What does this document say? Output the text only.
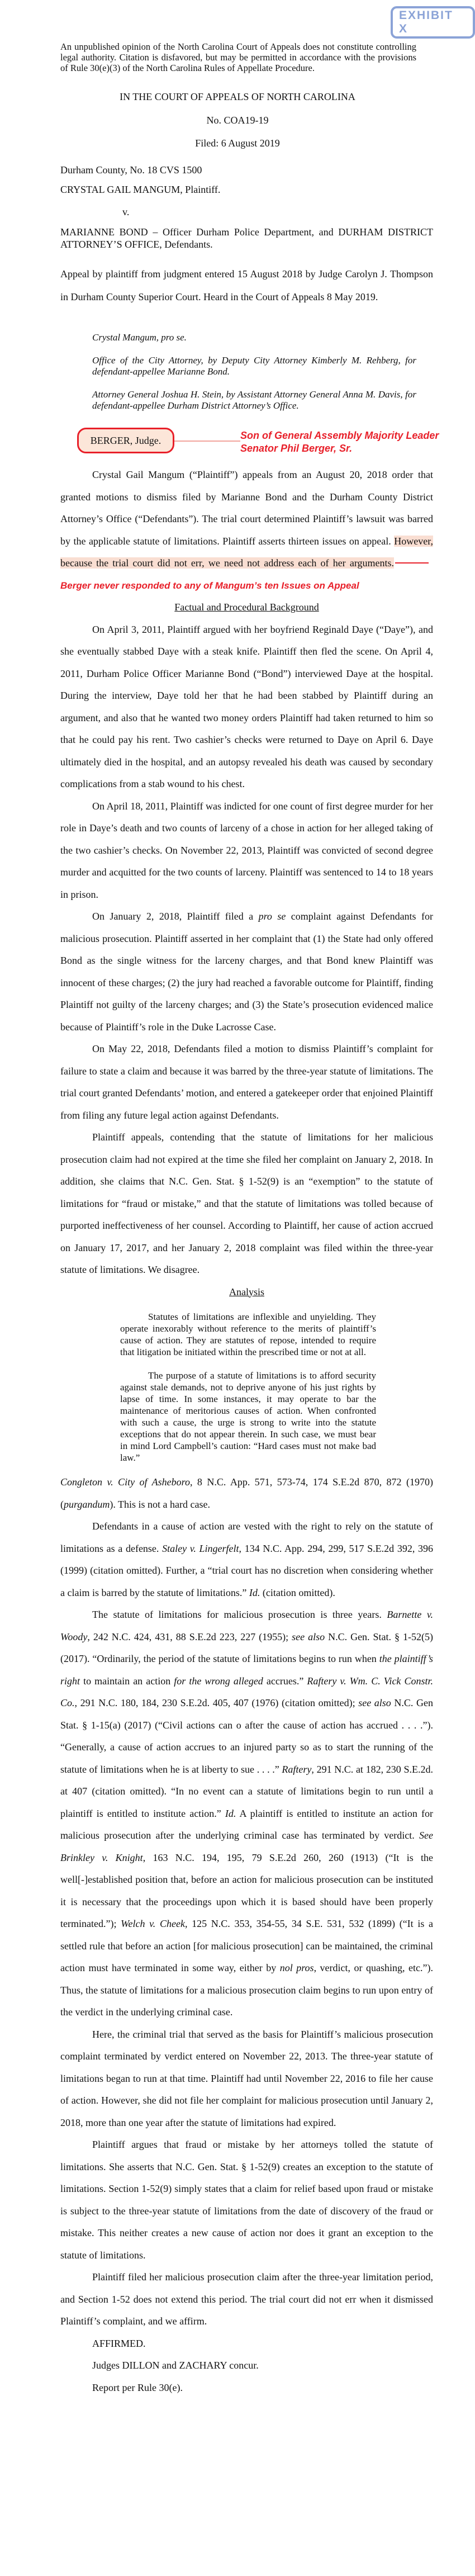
EXHIBIT X
An unpublished opinion of the North Carolina Court of Appeals does not constitute controlling legal authority. Citation is disfavored, but may be permitted in accordance with the provisions of Rule 30(e)(3) of the North Carolina Rules of Appellate Procedure.
IN THE COURT OF APPEALS OF NORTH CAROLINA
No. COA19-19
Filed: 6 August 2019
Durham County, No. 18 CVS 1500
CRYSTAL GAIL MANGUM, Plaintiff.
v.
MARIANNE BOND – Officer Durham Police Department, and DURHAM DISTRICT ATTORNEY’S OFFICE, Defendants.
Appeal by plaintiff from judgment entered 15 August 2018 by Judge Carolyn J. Thompson in Durham County Superior Court. Heard in the Court of Appeals 8 May 2019.

Crystal Mangum, pro se.

Office of the City Attorney, by Deputy City Attorney Kimberly M. Rehberg, for defendant-appellee Marianne Bond.

Attorney General Joshua H. Stein, by Assistant Attorney General Anna M. Davis, for defendant-appellee Durham District Attorney’s Office.

BERGER, Judge.	Son of General Assembly Majority Leader
Senator Phil Berger, Sr.
Crystal Gail Mangum (“Plaintiff”) appeals from an August 20, 2018 order that granted motions to dismiss filed by Marianne Bond and the Durham County District Attorney’s Office (“Defendants”). The trial court determined Plaintiff’s lawsuit was barred by the applicable statute of limitations. Plaintiff asserts thirteen issues on appeal. However, because the trial court did not err, we need not address each of her arguments.Berger never responded to any of Mangum’s ten Issues on Appeal
Factual and Procedural Background
On April 3, 2011, Plaintiff argued with her boyfriend Reginald Daye (“Daye”), and she eventually stabbed Daye with a steak knife. Plaintiff then fled the scene. On April 4, 2011, Durham Police Officer Marianne Bond (“Bond”) interviewed Daye at the hospital. During the interview, Daye told her that he had been stabbed by Plaintiff during an argument, and also that he wanted two money orders Plaintiff had taken returned to him so that he could pay his rent. Two cashier’s checks were returned to Daye on April 6. Daye ultimately died in the hospital, and an autopsy revealed his death was caused by secondary complications from a stab wound to his chest.
On April 18, 2011, Plaintiff was indicted for one count of first degree murder for her role in Daye’s death and two counts of larceny of a chose in action for her alleged taking of the two cashier’s checks. On November 22, 2013, Plaintiff was convicted of second degree murder and acquitted for the two counts of larceny. Plaintiff was sentenced to 14 to 18 years in prison.
On January 2, 2018, Plaintiff filed a pro se complaint against Defendants for malicious prosecution. Plaintiff asserted in her complaint that (1) the State had only offered Bond as the single witness for the larceny charges, and that Bond knew Plaintiff was innocent of these charges; (2) the jury had reached a favorable outcome for Plaintiff, finding Plaintiff not guilty of the larceny charges; and (3) the State’s prosecution evidenced malice because of Plaintiff’s role in the Duke Lacrosse Case.
On May 22, 2018, Defendants filed a motion to dismiss Plaintiff’s complaint for failure to state a claim and because it was barred by the three-year statute of limitations. The trial court granted Defendants’ motion, and entered a gatekeeper order that enjoined Plaintiff from filing any future legal action against Defendants.
Plaintiff appeals, contending that the statute of limitations for her malicious prosecution claim had not expired at the time she filed her complaint on January 2, 2018. In addition, she claims that N.C. Gen. Stat. § 1-52(9) is an “exemption” to the statute of limitations for “fraud or mistake,” and that the statute of limitations was tolled because of purported ineffectiveness of her counsel. According to Plaintiff, her cause of action accrued on January 17, 2017, and her January 2, 2018 complaint was filed within the three-year statute of limitations. We disagree.
Analysis
Statutes of limitations are inflexible and unyielding. They operate inexorably without reference to the merits of plaintiff’s cause of action. They are statutes of repose, intended to require that litigation be initiated within the prescribed time or not at all.
The purpose of a statute of limitations is to afford security against stale demands, not to deprive anyone of his just rights by lapse of time. In some instances, it may operate to bar the maintenance of meritorious causes of action. When confronted with such a cause, the urge is strong to write into the statute exceptions that do not appear therein. In such case, we must bear in mind Lord Campbell’s caution: “Hard cases must not make bad law.”
Congleton v. City of Asheboro, 8 N.C. App. 571, 573-74, 174 S.E.2d 870, 872 (1970) (purgandum). This is not a hard case.
Defendants in a cause of action are vested with the right to rely on the statute of limitations as a defense. Staley v. Lingerfelt, 134 N.C. App. 294, 299, 517 S.E.2d 392, 396 (1999) (citation omitted). Further, a “trial court has no discretion when considering whether a claim is barred by the statute of limitations.” Id. (citation omitted).
The statute of limitations for malicious prosecution is three years. Barnette v. Woody, 242 N.C. 424, 431, 88 S.E.2d 223, 227 (1955); see also N.C. Gen. Stat. § 1-52(5) (2017). “Ordinarily, the period of the statute of limitations begins to run when the plaintiff’s right to maintain an action for the wrong alleged accrues.” Raftery v. Wm. C. Vick Constr. Co., 291 N.C. 180, 184, 230 S.E.2d. 405, 407 (1976) (citation omitted); see also N.C. Gen Stat. § 1-15(a) (2017) (“Civil actions can o after the cause of action has accrued . . . .”). “Generally, a cause of action accrues to an injured party so as to start the running of the statute of limitations when he is at liberty to sue . . . .” Raftery, 291 N.C. at 182, 230 S.E.2d. at 407 (citation omitted). “In no event can a statute of limitations begin to run until a plaintiff is entitled to institute action.” Id. A plaintiff is entitled to institute an action for malicious prosecution after the underlying criminal case has terminated by verdict. See Brinkley v. Knight, 163 N.C. 194, 195, 79 S.E.2d 260, 260 (1913) (“It is the well[-]established position that, before an action for malicious prosecution can be instituted it is necessary that the proceedings upon which it is based should have been properly terminated.”); Welch v. Cheek, 125 N.C. 353, 354-55, 34 S.E. 531, 532 (1899) (“It is a settled rule that before an action [for malicious prosecution] can be maintained, the criminal action must have terminated in some way, either by nol pros, verdict, or quashing, etc.”). Thus, the statute of limitations for a malicious prosecution claim begins to run upon entry of the verdict in the underlying criminal case.
Here, the criminal trial that served as the basis for Plaintiff’s malicious prosecution complaint terminated by verdict entered on November 22, 2013. The three-year statute of limitations began to run at that time. Plaintiff had until November 22, 2016 to file her cause of action. However, she did not file her complaint for malicious prosecution until January 2, 2018, more than one year after the statute of limitations had expired.
Plaintiff argues that fraud or mistake by her attorneys tolled the statute of limitations. She asserts that N.C. Gen. Stat. § 1-52(9) creates an exception to the statute of limitations. Section 1-52(9) simply states that a claim for relief based upon fraud or mistake is subject to the three-year statute of limitations from the date of discovery of the fraud or mistake. This neither creates a new cause of action nor does it grant an exception to the statute of limitations.
Plaintiff filed her malicious prosecution claim after the three-year limitation period, and Section 1-52 does not extend this period. The trial court did not err when it dismissed Plaintiff’s complaint, and we affirm.
AFFIRMED.
Judges DILLON and ZACHARY concur.
Report per Rule 30(e).
